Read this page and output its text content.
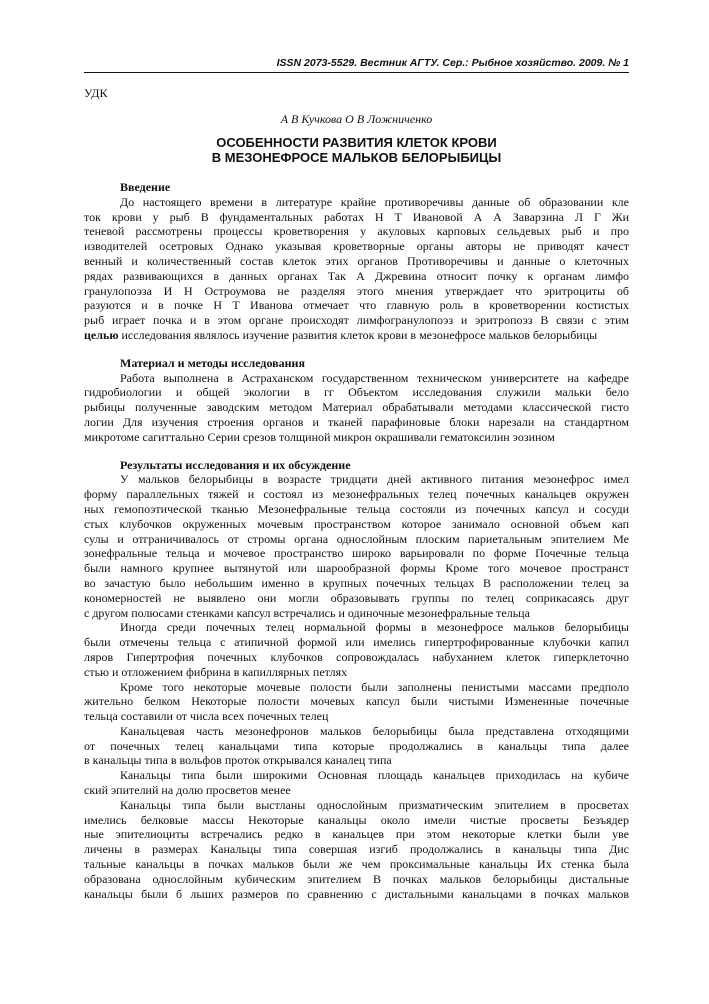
ISSN 2073-5529. Вестник АГТУ. Сер.: Рыбное хозяйство. 2009. № 1
УДК
А В Кучкова О В Ложниченко
ОСОБЕННОСТИ РАЗВИТИЯ КЛЕТОК КРОВИ
В МЕЗОНЕФРОСЕ МАЛЬКОВ БЕЛОРЫБИЦЫ
Введение
До настоящего времени в литературе крайне противоречивы данные об образовании кле
ток крови у рыб В фундаментальных работах Н Т Ивановой А А Заварзина Л Г Жи
теневой рассмотрены процессы кроветворения у акуловых карповых сельдевых рыб и про
изводителей осетровых Однако указывая кроветворные органы авторы не приводят качест
венный и количественный состав клеток этих органов Противоречивы и данные о клеточных
рядах развивающихся в данных органах Так А Джревина относит почку к органам лимфо
гранулопоэза И Н Остроумова не разделяя этого мнения утверждает что эритроциты об
разуются и в почке Н Т Иванова отмечает что главную роль в кроветворении костистых
рыб играет почка и в этом органе происходят лимфогранулопоэз и эритропоэз В связи с этим
целью исследования являлось изучение развития клеток крови в мезонефросе мальков белорыбицы
Материал и методы исследования
Работа выполнена в Астраханском государственном техническом университете на кафедре
гидробиологии и общей экологии в гг Объектом исследования служили мальки бело
рыбицы полученные заводским методом Материал обрабатывали методами классической гисто
логии Для изучения строения органов и тканей парафиновые блоки нарезали на стандартном
микротоме сагиттально Серии срезов толщиной микрон окрашивали гематоксилин эозином
Результаты исследования и их обсуждение
У мальков белорыбицы в возрасте тридцати дней активного питания мезонефрос имел
форму параллельных тяжей и состоял из мезонефральных телец почечных канальцев окружен
ных гемопоэтической тканью Мезонефральные тельца состояли из почечных капсул и сосуди
стых клубочков окруженных мочевым пространством которое занимало основной объем кап
сулы и отграничивалось от стромы органа однослойным плоским париетальным эпителием Ме
зонефральные тельца и мочевое пространство широко варьировали по форме Почечные тельца
были намного крупнее вытянутой или шарообразной формы Кроме того мочевое пространст
во зачастую было небольшим именно в крупных почечных тельцах В расположении телец за
кономерностей не выявлено они могли образовывать группы по телец соприкасаясь друг
с другом полюсами стенками капсул встречались и одиночные мезонефральные тельца
Иногда среди почечных телец нормальной формы в мезонефросе мальков белорыбицы
были отмечены тельца с атипичной формой или имелись гипертрофированные клубочки капил
ляров Гипертрофия почечных клубочков сопровождалась набуханием клеток гиперклеточно
стью и отложением фибрина в капиллярных петлях
Кроме того некоторые мочевые полости были заполнены пенистыми массами предполо
жительно белком Некоторые полости мочевых капсул были чистыми Измененные почечные
тельца составили от числа всех почечных телец
Канальцевая часть мезонефронов мальков белорыбицы была представлена отходящими
от почечных телец канальцами типа которые продолжались в канальцы типа далее
в канальцы типа в вольфов проток открывался каналец типа
Канальцы типа были широкими Основная площадь канальцев приходилась на кубиче
ский эпителий на долю просветов менее
Канальцы типа были выстланы однослойным призматическим эпителием в просветах
имелись белковые массы Некоторые канальцы около имели чистые просветы Безъядер
ные эпителиоциты встречались редко в канальцев при этом некоторые клетки были уве
личены в размерах Канальцы типа совершая изгиб продолжались в канальцы типа Дис
тальные канальцы в почках мальков были же чем проксимальные канальцы Их стенка была
образована однослойным кубическим эпителием В почках мальков белорыбицы дистальные
канальцы были б льших размеров по сравнению с дистальными канальцами в почках мальков
